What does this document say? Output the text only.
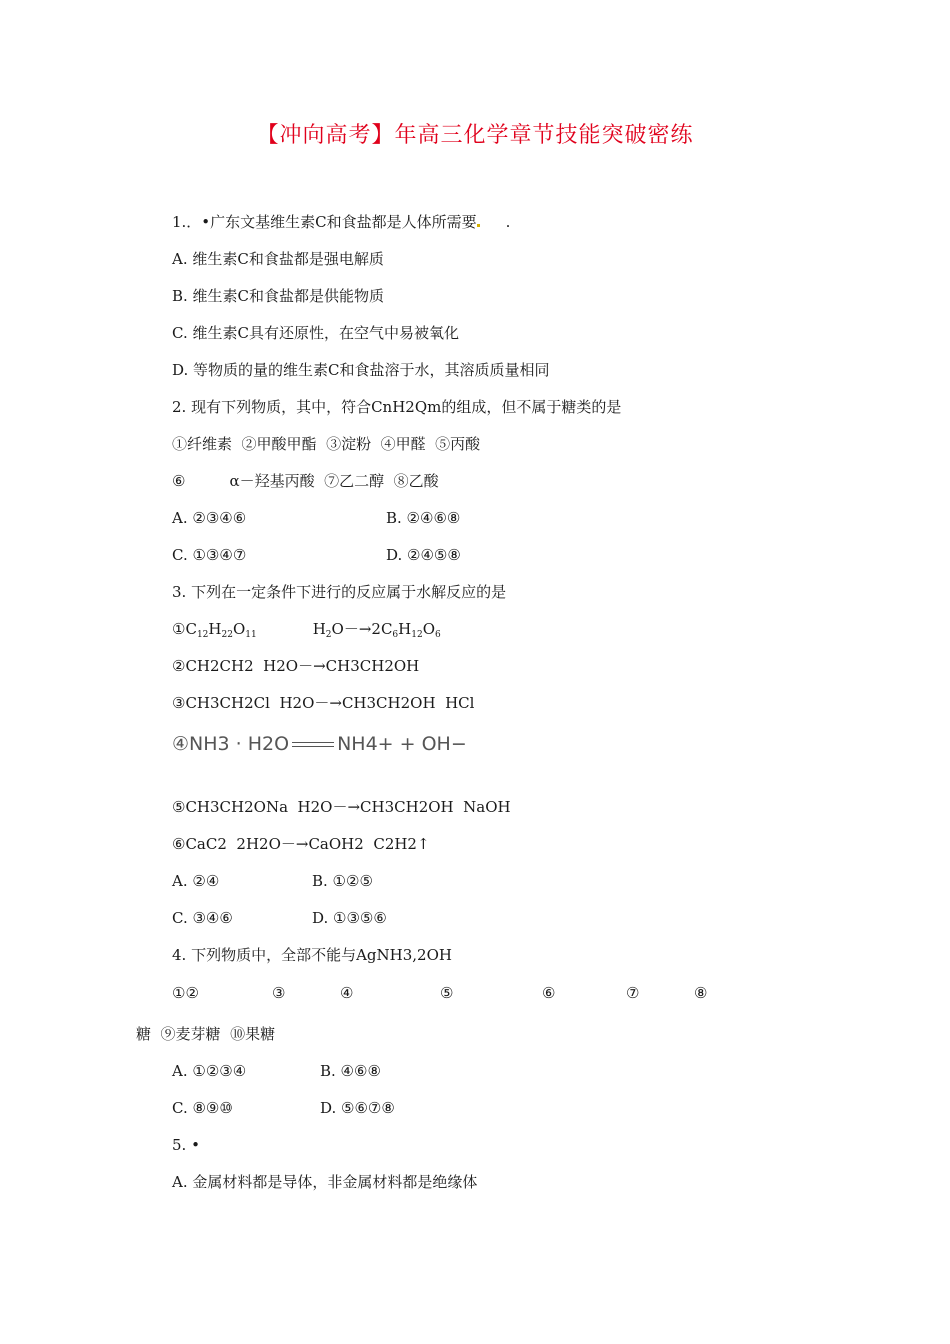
【冲向高考】年高三化学章节技能突破密练
1.．•广东文基维生素C和食盐都是人体所需要 .
A. 维生素C和食盐都是强电解质
B. 维生素C和食盐都是供能物质
C. 维生素C具有还原性，在空气中易被氧化
D. 等物质的量的维生素C和食盐溶于水，其溶质质量相同
2. 现有下列物质，其中，符合CnH2Qm的组成，但不属于糖类的是
①纤维素  ②甲酸甲酯  ③淀粉  ④甲醛  ⑤丙酸
⑥	α－羟基丙酸  ⑦乙二醇  ⑧乙酸
A. ②③④⑥	B. ②④⑥⑧
C. ①③④⑦	D. ②④⑤⑧
3. 下列在一定条件下进行的反应属于水解反应的是
$①C_{12}H_{22}O_{11}$	$H_2O-\to 2C_6H_{12}O_6$
②CH2CH2  H2O－→CH3CH2OH
③CH3CH2Cl  H2O－→CH3CH2OH  HCl
④NH3 · H2O	NH4+ + OH−
⑤CH3CH2ONa  H2O－→CH3CH2OH  NaOH
⑥CaC2  2H2O－→CaOH2  C2H2↑
A. ②④	B. ①②⑤
C. ③④⑥	D. ①③⑤⑥
4. 下列物质中，全部不能与AgNH3,2OH
①②	③	④	⑤	⑥	⑦	⑧
糖  ⑨麦芽糖  ⑩果糖
A. ①②③④	B. ④⑥⑧
C. ⑧⑨⑩	D. ⑤⑥⑦⑧
5. •
A. 金属材料都是导体，非金属材料都是绝缘体
